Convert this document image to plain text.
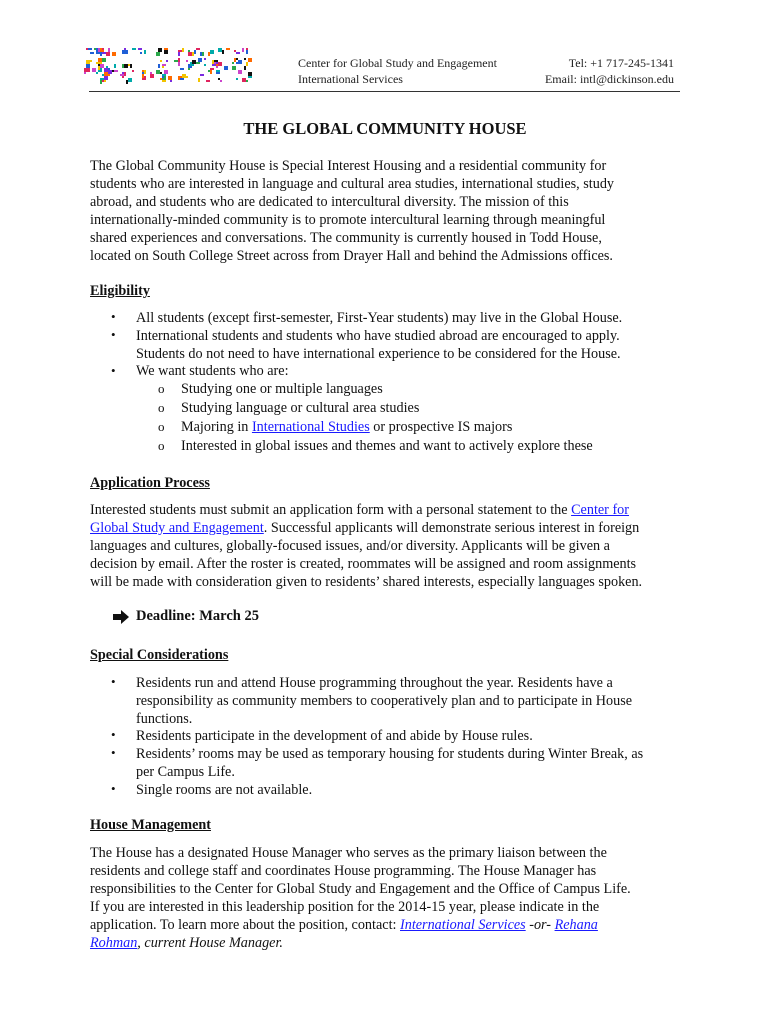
Center for Global Study and Engagement
International Services
Tel: +1 717-245-1341
Email: intl@dickinson.edu
THE GLOBAL COMMUNITY HOUSE
The Global Community House is Special Interest Housing and a residential community for
students who are interested in language and cultural area studies, international studies, study
abroad, and students who are dedicated to intercultural diversity. The mission of this
internationally-minded community is to promote intercultural learning through meaningful
shared experiences and conversations. The community is currently housed in Todd House,
located on South College Street across from Drayer Hall and behind the Admissions offices.
Eligibility
• All students (except first-semester, First-Year students) may live in the Global House.
• International students and students who have studied abroad are encouraged to apply.
Students do not need to have international experience to be considered for the House.
• We want students who are:
o Studying one or multiple languages
o Studying language or cultural area studies
o Majoring in International Studies or prospective IS majors
o Interested in global issues and themes and want to actively explore these
Application Process
Interested students must submit an application form with a personal statement to the Center for
Global Study and Engagement. Successful applicants will demonstrate serious interest in foreign
languages and cultures, globally-focused issues, and/or diversity. Applicants will be given a
decision by email. After the roster is created, roommates will be assigned and room assignments
will be made with consideration given to residents’ shared interests, especially languages spoken.
Deadline: March 25
Special Considerations
• Residents run and attend House programming throughout the year. Residents have a
responsibility as community members to cooperatively plan and to participate in House
functions.
• Residents participate in the development of and abide by House rules.
• Residents’ rooms may be used as temporary housing for students during Winter Break, as
per Campus Life.
• Single rooms are not available.
House Management
The House has a designated House Manager who serves as the primary liaison between the
residents and college staff and coordinates House programming. The House Manager has
responsibilities to the Center for Global Study and Engagement and the Office of Campus Life.
If you are interested in this leadership position for the 2014-15 year, please indicate in the
application. To learn more about the position, contact: International Services -or- Rehana
Rohman, current House Manager.
